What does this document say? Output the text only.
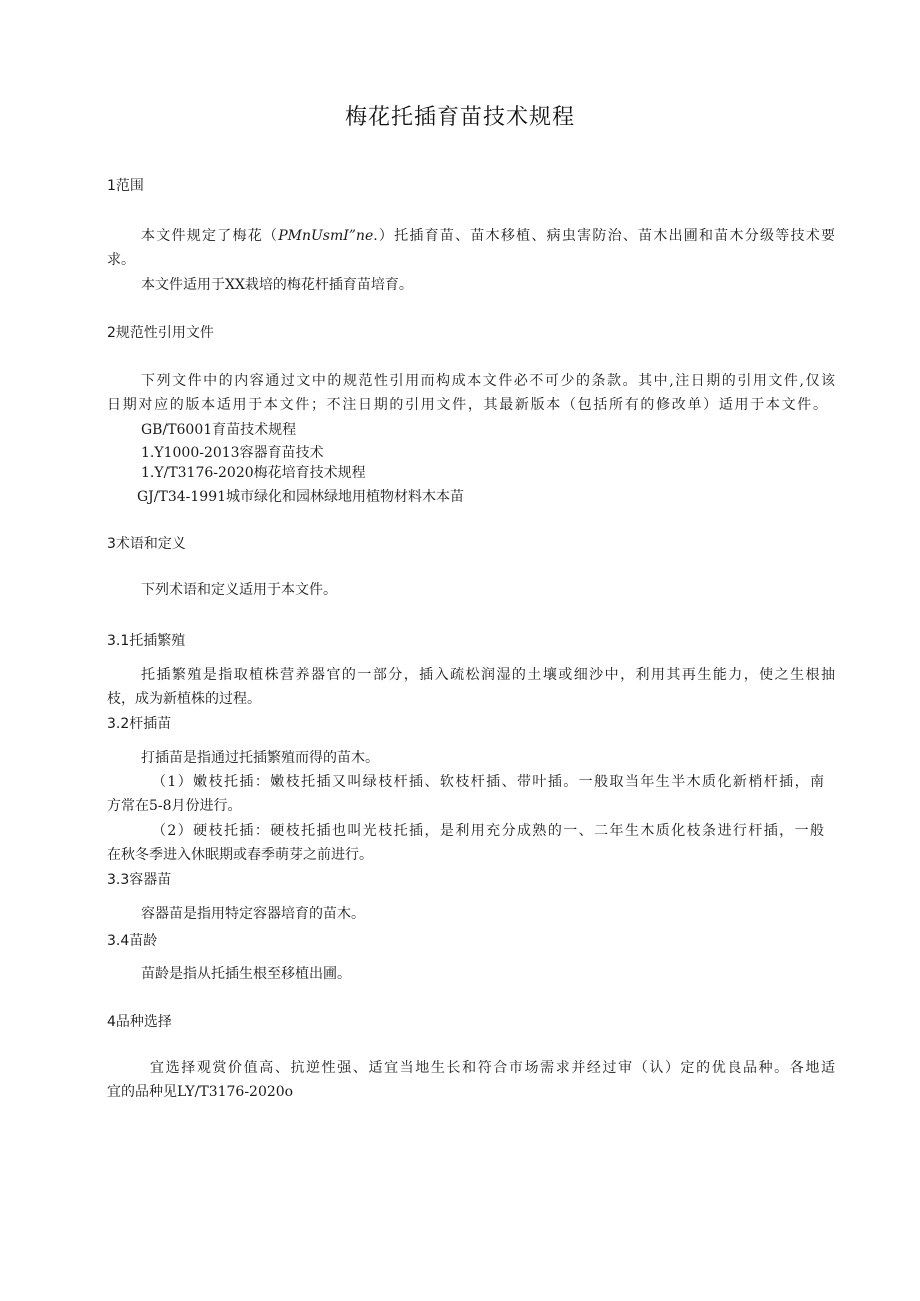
梅花托插育苗技术规程
1范围
本文件规定了梅花（PMnUsmI”ne.）托插育苗、苗木移植、病虫害防治、苗木出圃和苗木分级等技术要
求。
本文件适用于XX栽培的梅花杆插育苗培育。
2规范性引用文件
下列文件中的内容通过文中的规范性引用而构成本文件必不可少的条款。其中,注日期的引用文件,仅该
日期对应的版本适用于本文件；不注日期的引用文件，其最新版本（包括所有的修改单）适用于本文件。
GB/T6001育苗技术规程
1.Y1000-2013容器育苗技术
1.Y/T3176-2020梅花培育技术规程
GJ/T34-1991城市绿化和园林绿地用植物材料木本苗
3术语和定义
下列术语和定义适用于本文件。
3.1托插繁殖
托插繁殖是指取植株营养器官的一部分，插入疏松润湿的土壤或细沙中，利用其再生能力，使之生根抽
枝，成为新植株的过程。
3.2杆插苗
打插苗是指通过托插繁殖而得的苗木。
（1）嫩枝托插：嫩枝托插又叫绿枝杆插、软枝杆插、带叶插。一般取当年生半木质化新梢杆插，南
方常在5-8月份进行。
（2）硬枝托插：硬枝托插也叫光枝托插，是利用充分成熟的一、二年生木质化枝条进行杆插，一般
在秋冬季进入休眠期或春季萌芽之前进行。
3.3容器苗
容器苗是指用特定容器培育的苗木。
3.4苗龄
苗龄是指从托插生根至移植出圃。
4品种选择
宜选择观赏价值高、抗逆性强、适宜当地生长和符合市场需求并经过审（认）定的优良品种。各地适
宜的品种见LY/T3176-2020o
